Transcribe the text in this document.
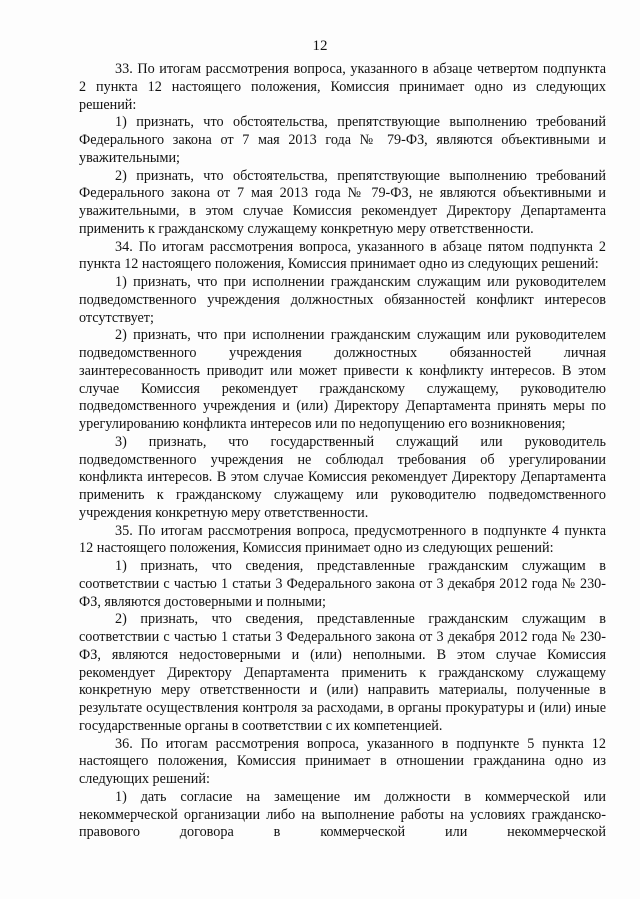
12

33. По итогам рассмотрения вопроса, указанного в абзаце четвертом подпункта 2 пункта 12 настоящего положения, Комиссия принимает одно из следующих решений:

1) признать, что обстоятельства, препятствующие выполнению требований Федерального закона от 7 мая 2013 года № 79-ФЗ, являются объективными и уважительными;

2) признать, что обстоятельства, препятствующие выполнению требований Федерального закона от 7 мая 2013 года № 79-ФЗ, не являются объективными и уважительными, в этом случае Комиссия рекомендует Директору Департамента применить к гражданскому служащему конкретную меру ответственности.

34. По итогам рассмотрения вопроса, указанного в абзаце пятом подпункта 2 пункта 12 настоящего положения, Комиссия принимает одно из следующих решений:

1) признать, что при исполнении гражданским служащим или руководителем подведомственного учреждения должностных обязанностей конфликт интересов отсутствует;

2) признать, что при исполнении гражданским служащим или руководителем подведомственного учреждения должностных обязанностей личная заинтересованность приводит или может привести к конфликту интересов. В этом случае Комиссия рекомендует гражданскому служащему, руководителю подведомственного учреждения и (или) Директору Департамента принять меры по урегулированию конфликта интересов или по недопущению его возникновения;

3) признать, что государственный служащий или руководитель подведомственного учреждения не соблюдал требования об урегулировании конфликта интересов. В этом случае Комиссия рекомендует Директору Департамента применить к гражданскому служащему или руководителю подведомственного учреждения конкретную меру ответственности.

35. По итогам рассмотрения вопроса, предусмотренного в подпункте 4 пункта 12 настоящего положения, Комиссия принимает одно из следующих решений:

1) признать, что сведения, представленные гражданским служащим в соответствии с частью 1 статьи 3 Федерального закона от 3 декабря 2012 года № 230-ФЗ, являются достоверными и полными;

2) признать, что сведения, представленные гражданским служащим в соответствии с частью 1 статьи 3 Федерального закона от 3 декабря 2012 года № 230-ФЗ, являются недостоверными и (или) неполными. В этом случае Комиссия рекомендует Директору Департамента применить к гражданскому служащему конкретную меру ответственности и (или) направить материалы, полученные в результате осуществления контроля за расходами, в органы прокуратуры и (или) иные государственные органы в соответствии с их компетенцией.

36. По итогам рассмотрения вопроса, указанного в подпункте 5 пункта 12 настоящего положения, Комиссия принимает в отношении гражданина одно из следующих решений:

1) дать согласие на замещение им должности в коммерческой или некоммерческой организации либо на выполнение работы на условиях гражданско-правового договора в коммерческой или некоммерческой
